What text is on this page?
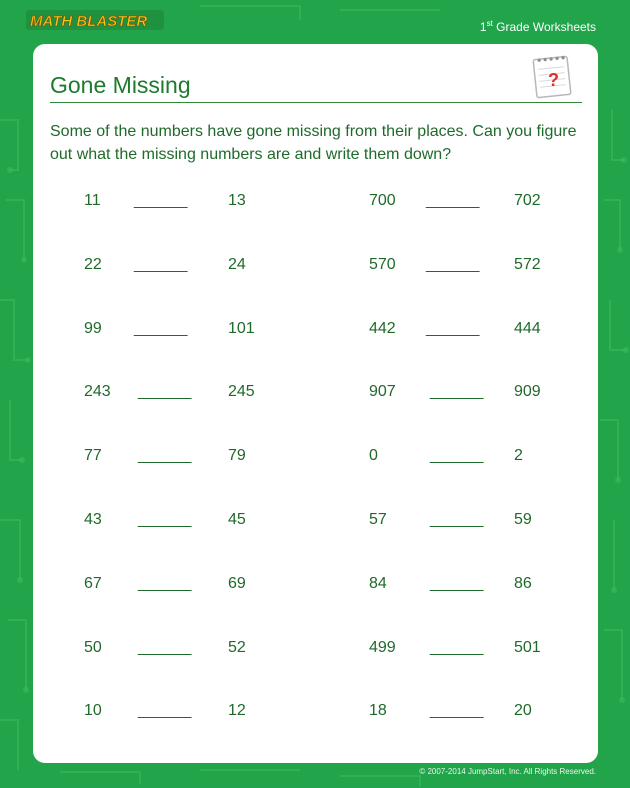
MATH BLASTER	1st Grade Worksheets
Gone Missing	?

Some of the numbers have gone missing from their places. Can you figure out what the missing numbers are and write them down?

11 ______	13	700 ______ 702
22 ______	24	570 ______ 572
99 ______	101	442 ______ 444
243 ______ 245	907 ______ 909
77 ______ 79	0	______ 2
43 ______ 45	57	______ 59
67 ______ 69	84	______ 86
50 ______ 52	499 ______ 501
10 ______ 12	18	______ 20
© 2007-2014 JumpStart, Inc. All Rights Reserved.
